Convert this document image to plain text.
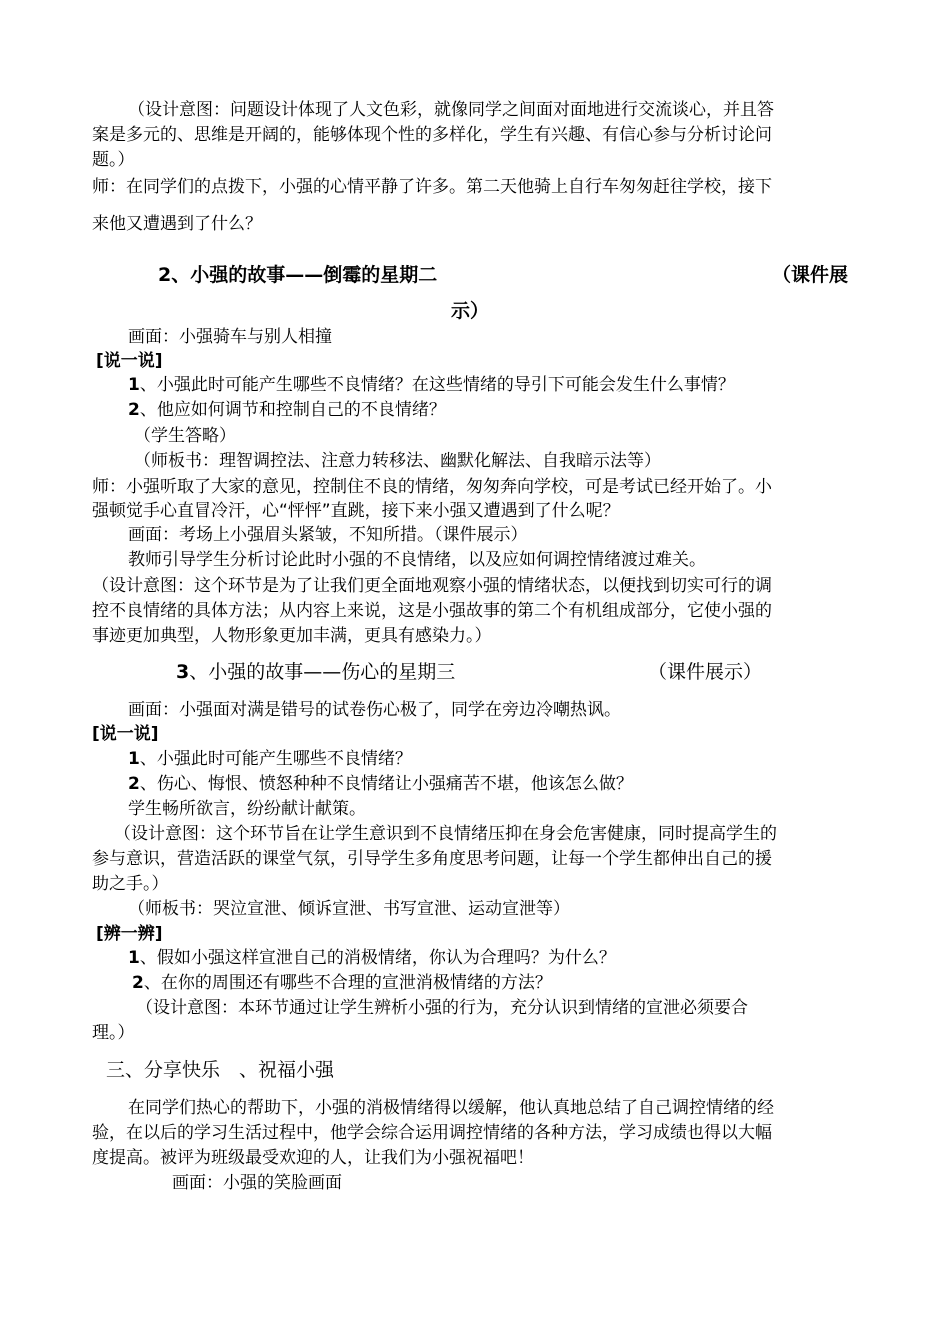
（设计意图：问题设计体现了人文色彩，就像同学之间面对面地进行交流谈心，并且答
案是多元的、思维是开阔的，能够体现个性的多样化，学生有兴趣、有信心参与分析讨论问
题。）
师：在同学们的点拨下，小强的心情平静了许多。第二天他骑上自行车匆匆赶往学校，接下
来他又遭遇到了什么？
2、小强的故事——倒霉的星期二	（课件展
示）
画面：小强骑车与别人相撞
[说一说]
1、小强此时可能产生哪些不良情绪？在这些情绪的导引下可能会发生什么事情？
2、他应如何调节和控制自己的不良情绪？
（学生答略）
（师板书：理智调控法、注意力转移法、幽默化解法、自我暗示法等）
师：小强听取了大家的意见，控制住不良的情绪，匆匆奔向学校，可是考试已经开始了。小
强顿觉手心直冒冷汗，心“怦怦”直跳，接下来小强又遭遇到了什么呢？
画面：考场上小强眉头紧皱，不知所措。（课件展示）
教师引导学生分析讨论此时小强的不良情绪，以及应如何调控情绪渡过难关。
（设计意图：这个环节是为了让我们更全面地观察小强的情绪状态，以便找到切实可行的调
控不良情绪的具体方法；从内容上来说，这是小强故事的第二个有机组成部分，它使小强的
事迹更加典型，人物形象更加丰满，更具有感染力。）
3、小强的故事——伤心的星期三	（课件展示）
画面：小强面对满是错号的试卷伤心极了，同学在旁边冷嘲热讽。
[说一说]
1、小强此时可能产生哪些不良情绪？
2、伤心、悔恨、愤怒种种不良情绪让小强痛苦不堪，他该怎么做？
学生畅所欲言，纷纷献计献策。
（设计意图：这个环节旨在让学生意识到不良情绪压抑在身会危害健康，同时提高学生的
参与意识，营造活跃的课堂气氛，引导学生多角度思考问题，让每一个学生都伸出自己的援
助之手。）
（师板书：哭泣宣泄、倾诉宣泄、书写宣泄、运动宣泄等）
[辨一辨]
1、假如小强这样宣泄自己的消极情绪，你认为合理吗？为什么？
2、在你的周围还有哪些不合理的宣泄消极情绪的方法？
（设计意图：本环节通过让学生辨析小强的行为，充分认识到情绪的宣泄必须要合
理。）
三、分享快乐　、祝福小强
在同学们热心的帮助下，小强的消极情绪得以缓解，他认真地总结了自己调控情绪的经
验，在以后的学习生活过程中，他学会综合运用调控情绪的各种方法，学习成绩也得以大幅
度提高。被评为班级最受欢迎的人，让我们为小强祝福吧！
画面：小强的笑脸画面
